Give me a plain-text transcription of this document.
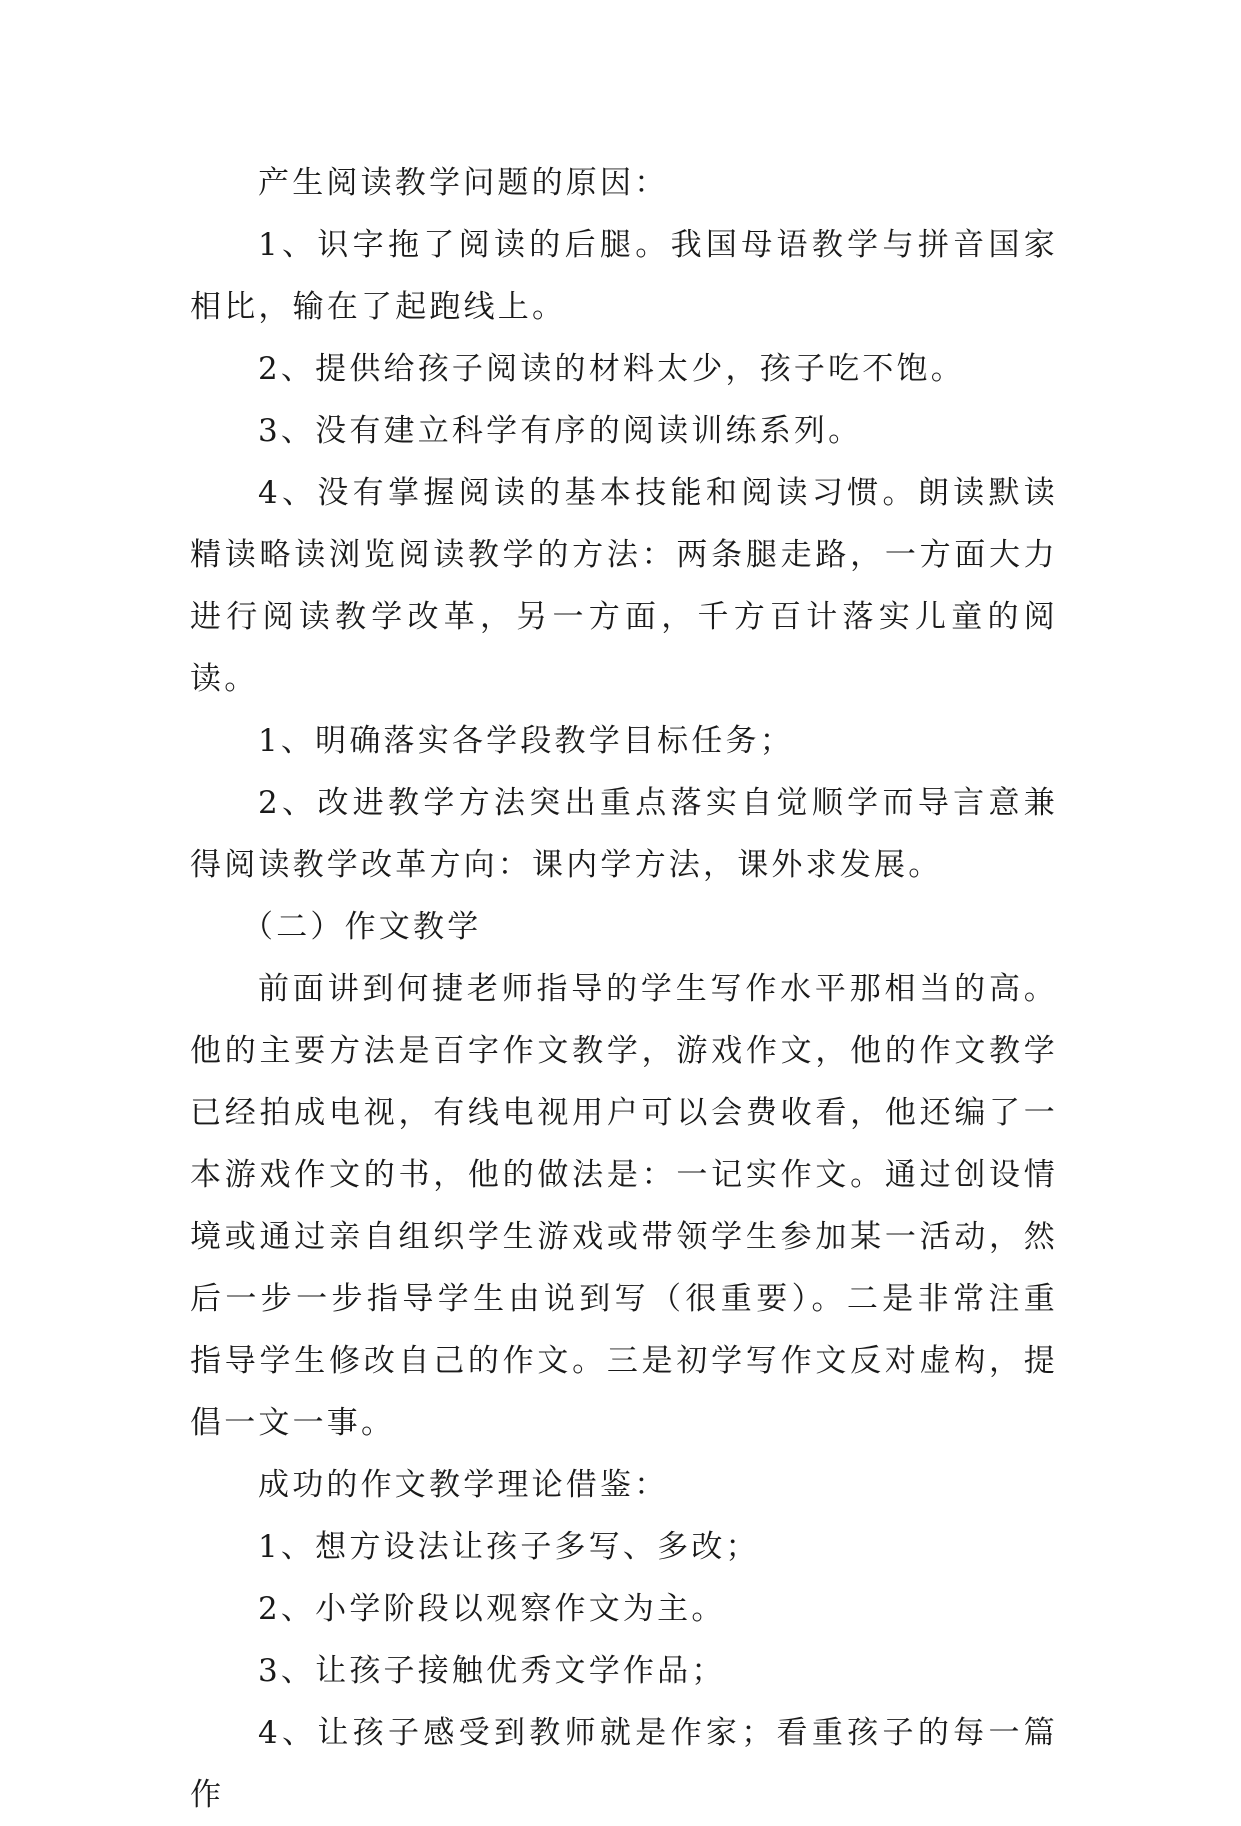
产生阅读教学问题的原因：

1、识字拖了阅读的后腿。我国母语教学与拼音国家相比，输在了起跑线上。

2、提供给孩子阅读的材料太少，孩子吃不饱。

3、没有建立科学有序的阅读训练系列。

4、没有掌握阅读的基本技能和阅读习惯。朗读默读精读略读浏览阅读教学的方法：两条腿走路，一方面大力进行阅读教学改革，另一方面，千方百计落实儿童的阅读。

1、明确落实各学段教学目标任务；

2、改进教学方法突出重点落实自觉顺学而导言意兼得阅读教学改革方向：课内学方法，课外求发展。

（二）作文教学

前面讲到何捷老师指导的学生写作水平那相当的高。他的主要方法是百字作文教学，游戏作文，他的作文教学已经拍成电视，有线电视用户可以会费收看，他还编了一本游戏作文的书，他的做法是：一记实作文。通过创设情境或通过亲自组织学生游戏或带领学生参加某一活动，然后一步一步指导学生由说到写（很重要）。二是非常注重指导学生修改自己的作文。三是初学写作文反对虚构，提倡一文一事。

成功的作文教学理论借鉴：

1、想方设法让孩子多写、多改；

2、小学阶段以观察作文为主。

3、让孩子接触优秀文学作品；

4、让孩子感受到教师就是作家；看重孩子的每一篇作
